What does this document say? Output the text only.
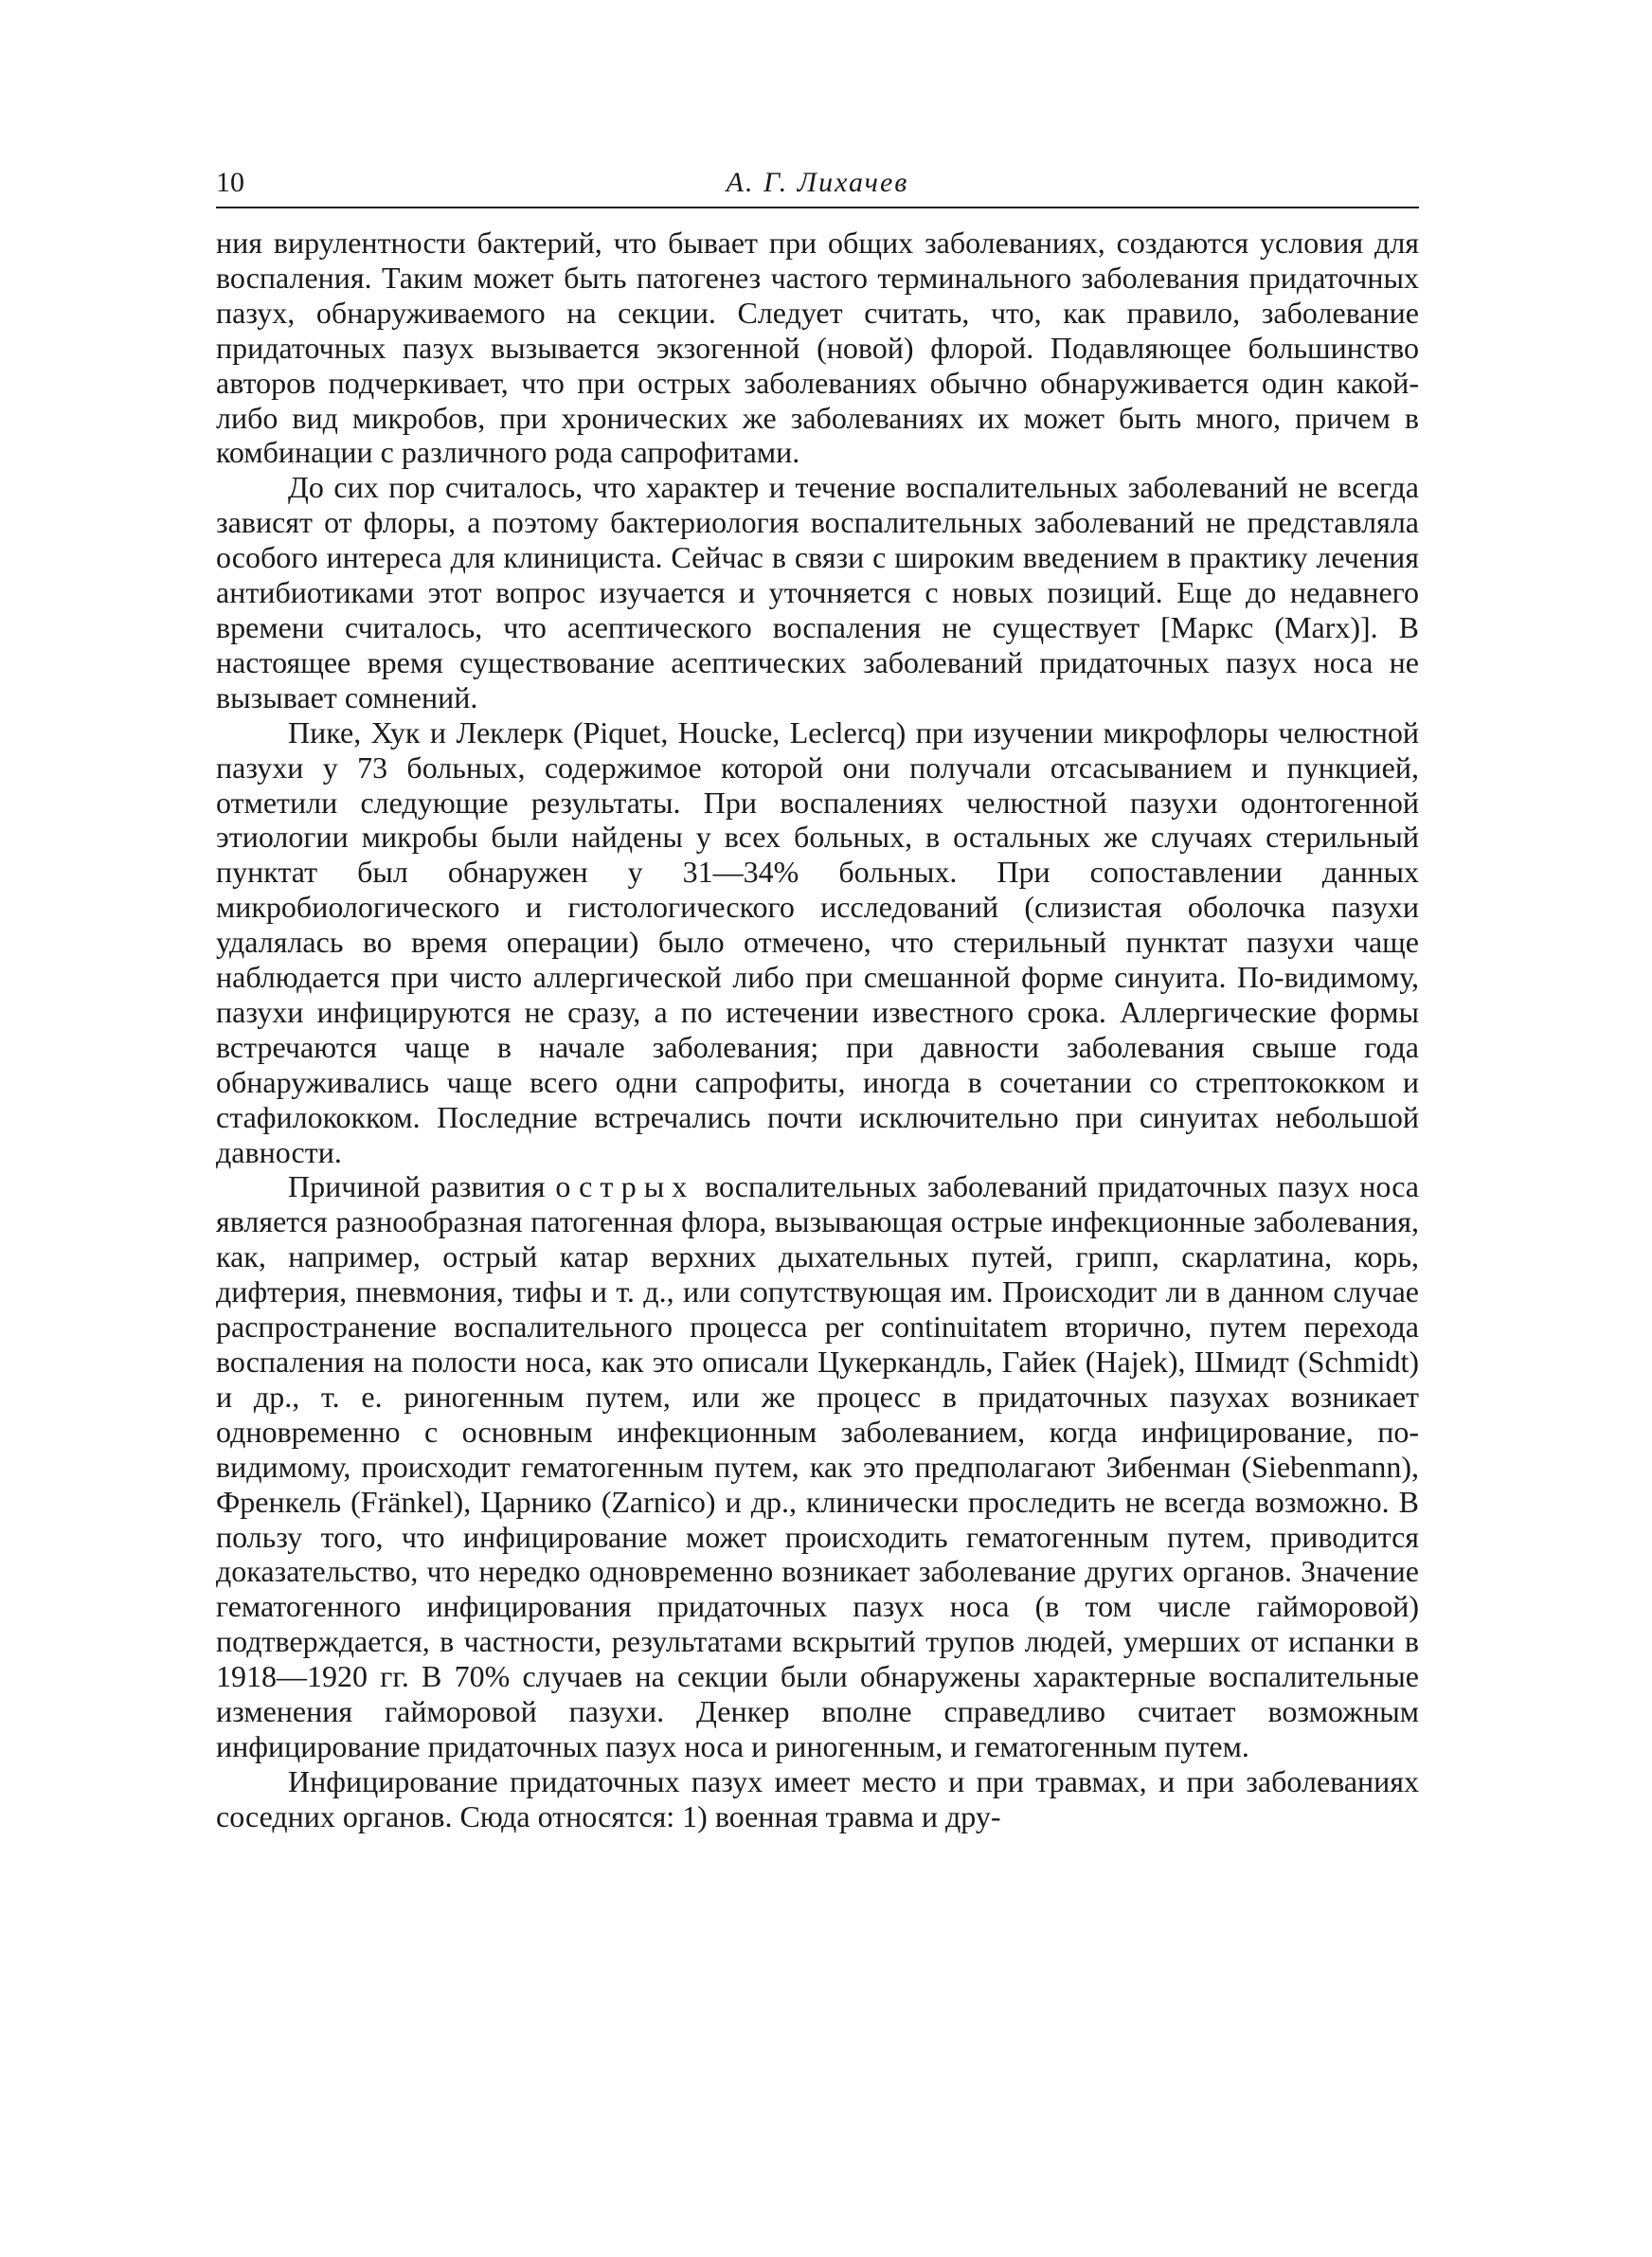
10	А. Г. Лихачев

ния вирулентности бактерий, что бывает при общих заболеваниях, создаются условия для воспаления. Таким может быть патогенез частого терминального заболевания придаточных пазух, обнаруживаемого на секции. Следует считать, что, как правило, заболевание придаточных пазух вызывается экзогенной (новой) флорой. Подавляющее большинство авторов подчеркивает, что при острых заболеваниях обычно обнаруживается один какой-либо вид микробов, при хронических же заболеваниях их может быть много, причем в комбинации с различного рода сапрофитами.

До сих пор считалось, что характер и течение воспалительных заболеваний не всегда зависят от флоры, а поэтому бактериология воспалительных заболеваний не представляла особого интереса для клинициста. Сейчас в связи с широким введением в практику лечения антибиотиками этот вопрос изучается и уточняется с новых позиций. Еще до недавнего времени считалось, что асептического воспаления не существует [Маркс (Marx)]. В настоящее время существование асептических заболеваний придаточных пазух носа не вызывает сомнений.

Пике, Хук и Леклерк (Piquet, Houcke, Leclercq) при изучении микрофлоры челюстной пазухи у 73 больных, содержимое которой они получали отсасыванием и пункцией, отметили следующие результаты. При воспалениях челюстной пазухи одонтогенной этиологии микробы были найдены у всех больных, в остальных же случаях стерильный пунктат был обнаружен у 31—34% больных. При сопоставлении данных микробиологического и гистологического исследований (слизистая оболочка пазухи удалялась во время операции) было отмечено, что стерильный пунктат пазухи чаще наблюдается при чисто аллергической либо при смешанной форме синуита. По-видимому, пазухи инфицируются не сразу, а по истечении известного срока. Аллергические формы встречаются чаще в начале заболевания; при давности заболевания свыше года обнаруживались чаще всего одни сапрофиты, иногда в сочетании со стрептококком и стафилококком. Последние встречались почти исключительно при синуитах небольшой давности.

Причиной развития острых воспалительных заболеваний придаточных пазух носа является разнообразная патогенная флора, вызывающая острые инфекционные заболевания, как, например, острый катар верхних дыхательных путей, грипп, скарлатина, корь, дифтерия, пневмония, тифы и т. д., или сопутствующая им. Происходит ли в данном случае распространение воспалительного процесса per continuitatem вторично, путем перехода воспаления на полости носа, как это описали Цукеркандль, Гайек (Hajek), Шмидт (Schmidt) и др., т. е. риногенным путем, или же процесс в придаточных пазухах возникает одновременно с основным инфекционным заболеванием, когда инфицирование, по-видимому, происходит гематогенным путем, как это предполагают Зибенман (Siebenmann), Френкель (Fränkel), Царнико (Zarnico) и др., клинически проследить не всегда возможно. В пользу того, что инфицирование может происходить гематогенным путем, приводится доказательство, что нередко одновременно возникает заболевание других органов. Значение гематогенного инфицирования придаточных пазух носа (в том числе гайморовой) подтверждается, в частности, результатами вскрытий трупов людей, умерших от испанки в 1918—1920 гг. В 70% случаев на секции были обнаружены характерные воспалительные изменения гайморовой пазухи. Денкер вполне справедливо считает возможным инфицирование придаточных пазух носа и риногенным, и гематогенным путем.

Инфицирование придаточных пазух имеет место и при травмах, и при заболеваниях соседних органов. Сюда относятся: 1) военная травма и дру-
